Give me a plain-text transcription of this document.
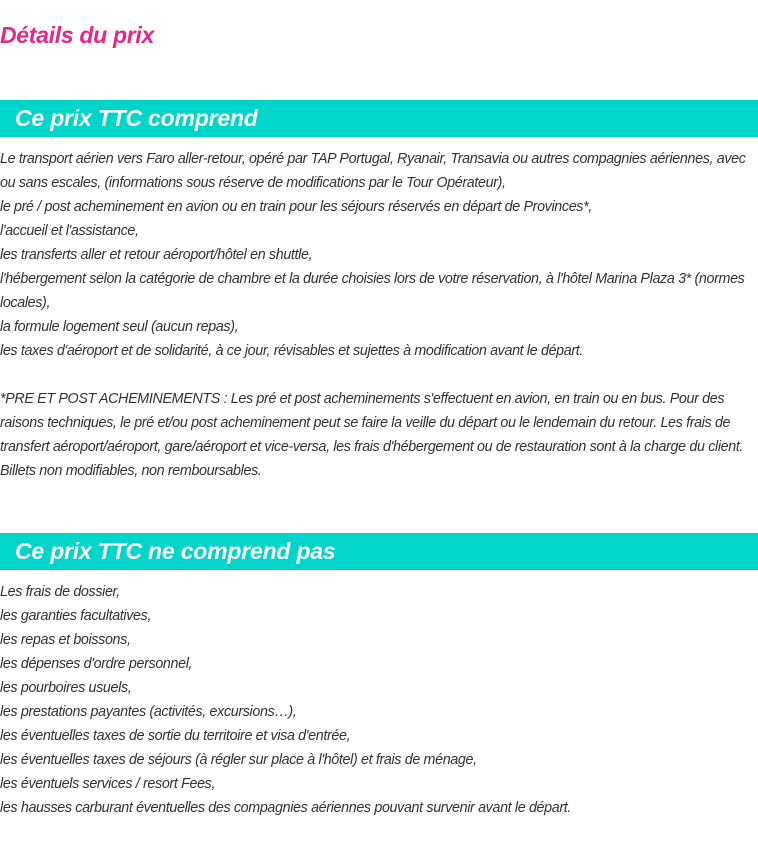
Détails du prix
Ce prix TTC comprend
Le transport aérien vers Faro aller-retour, opéré par TAP Portugal, Ryanair, Transavia ou autres compagnies aériennes, avec ou sans escales, (informations sous réserve de modifications par le Tour Opérateur),
le pré / post acheminement en avion ou en train pour les séjours réservés en départ de Provinces*,
l'accueil et l'assistance,
les transferts aller et retour aéroport/hôtel en shuttle,
l'hébergement selon la catégorie de chambre et la durée choisies lors de votre réservation, à l'hôtel Marina Plaza 3* (normes locales),
la formule logement seul (aucun repas),
les taxes d'aéroport et de solidarité, à ce jour, révisables et sujettes à modification avant le départ.

*PRE ET POST ACHEMINEMENTS : Les pré et post acheminements s'effectuent en avion, en train ou en bus. Pour des raisons techniques, le pré et/ou post acheminement peut se faire la veille du départ ou le lendemain du retour. Les frais de transfert aéroport/aéroport, gare/aéroport et vice-versa, les frais d'hébergement ou de restauration sont à la charge du client. Billets non modifiables, non remboursables.

Ce prix TTC ne comprend pas
Les frais de dossier,
les garanties facultatives,
les repas et boissons,
les dépenses d'ordre personnel,
les pourboires usuels,
les prestations payantes (activités, excursions…),
les éventuelles taxes de sortie du territoire et visa d'entrée,
les éventuelles taxes de séjours (à régler sur place à l'hôtel) et frais de ménage,
les éventuels services / resort Fees,
les hausses carburant éventuelles des compagnies aériennes pouvant survenir avant le départ.
